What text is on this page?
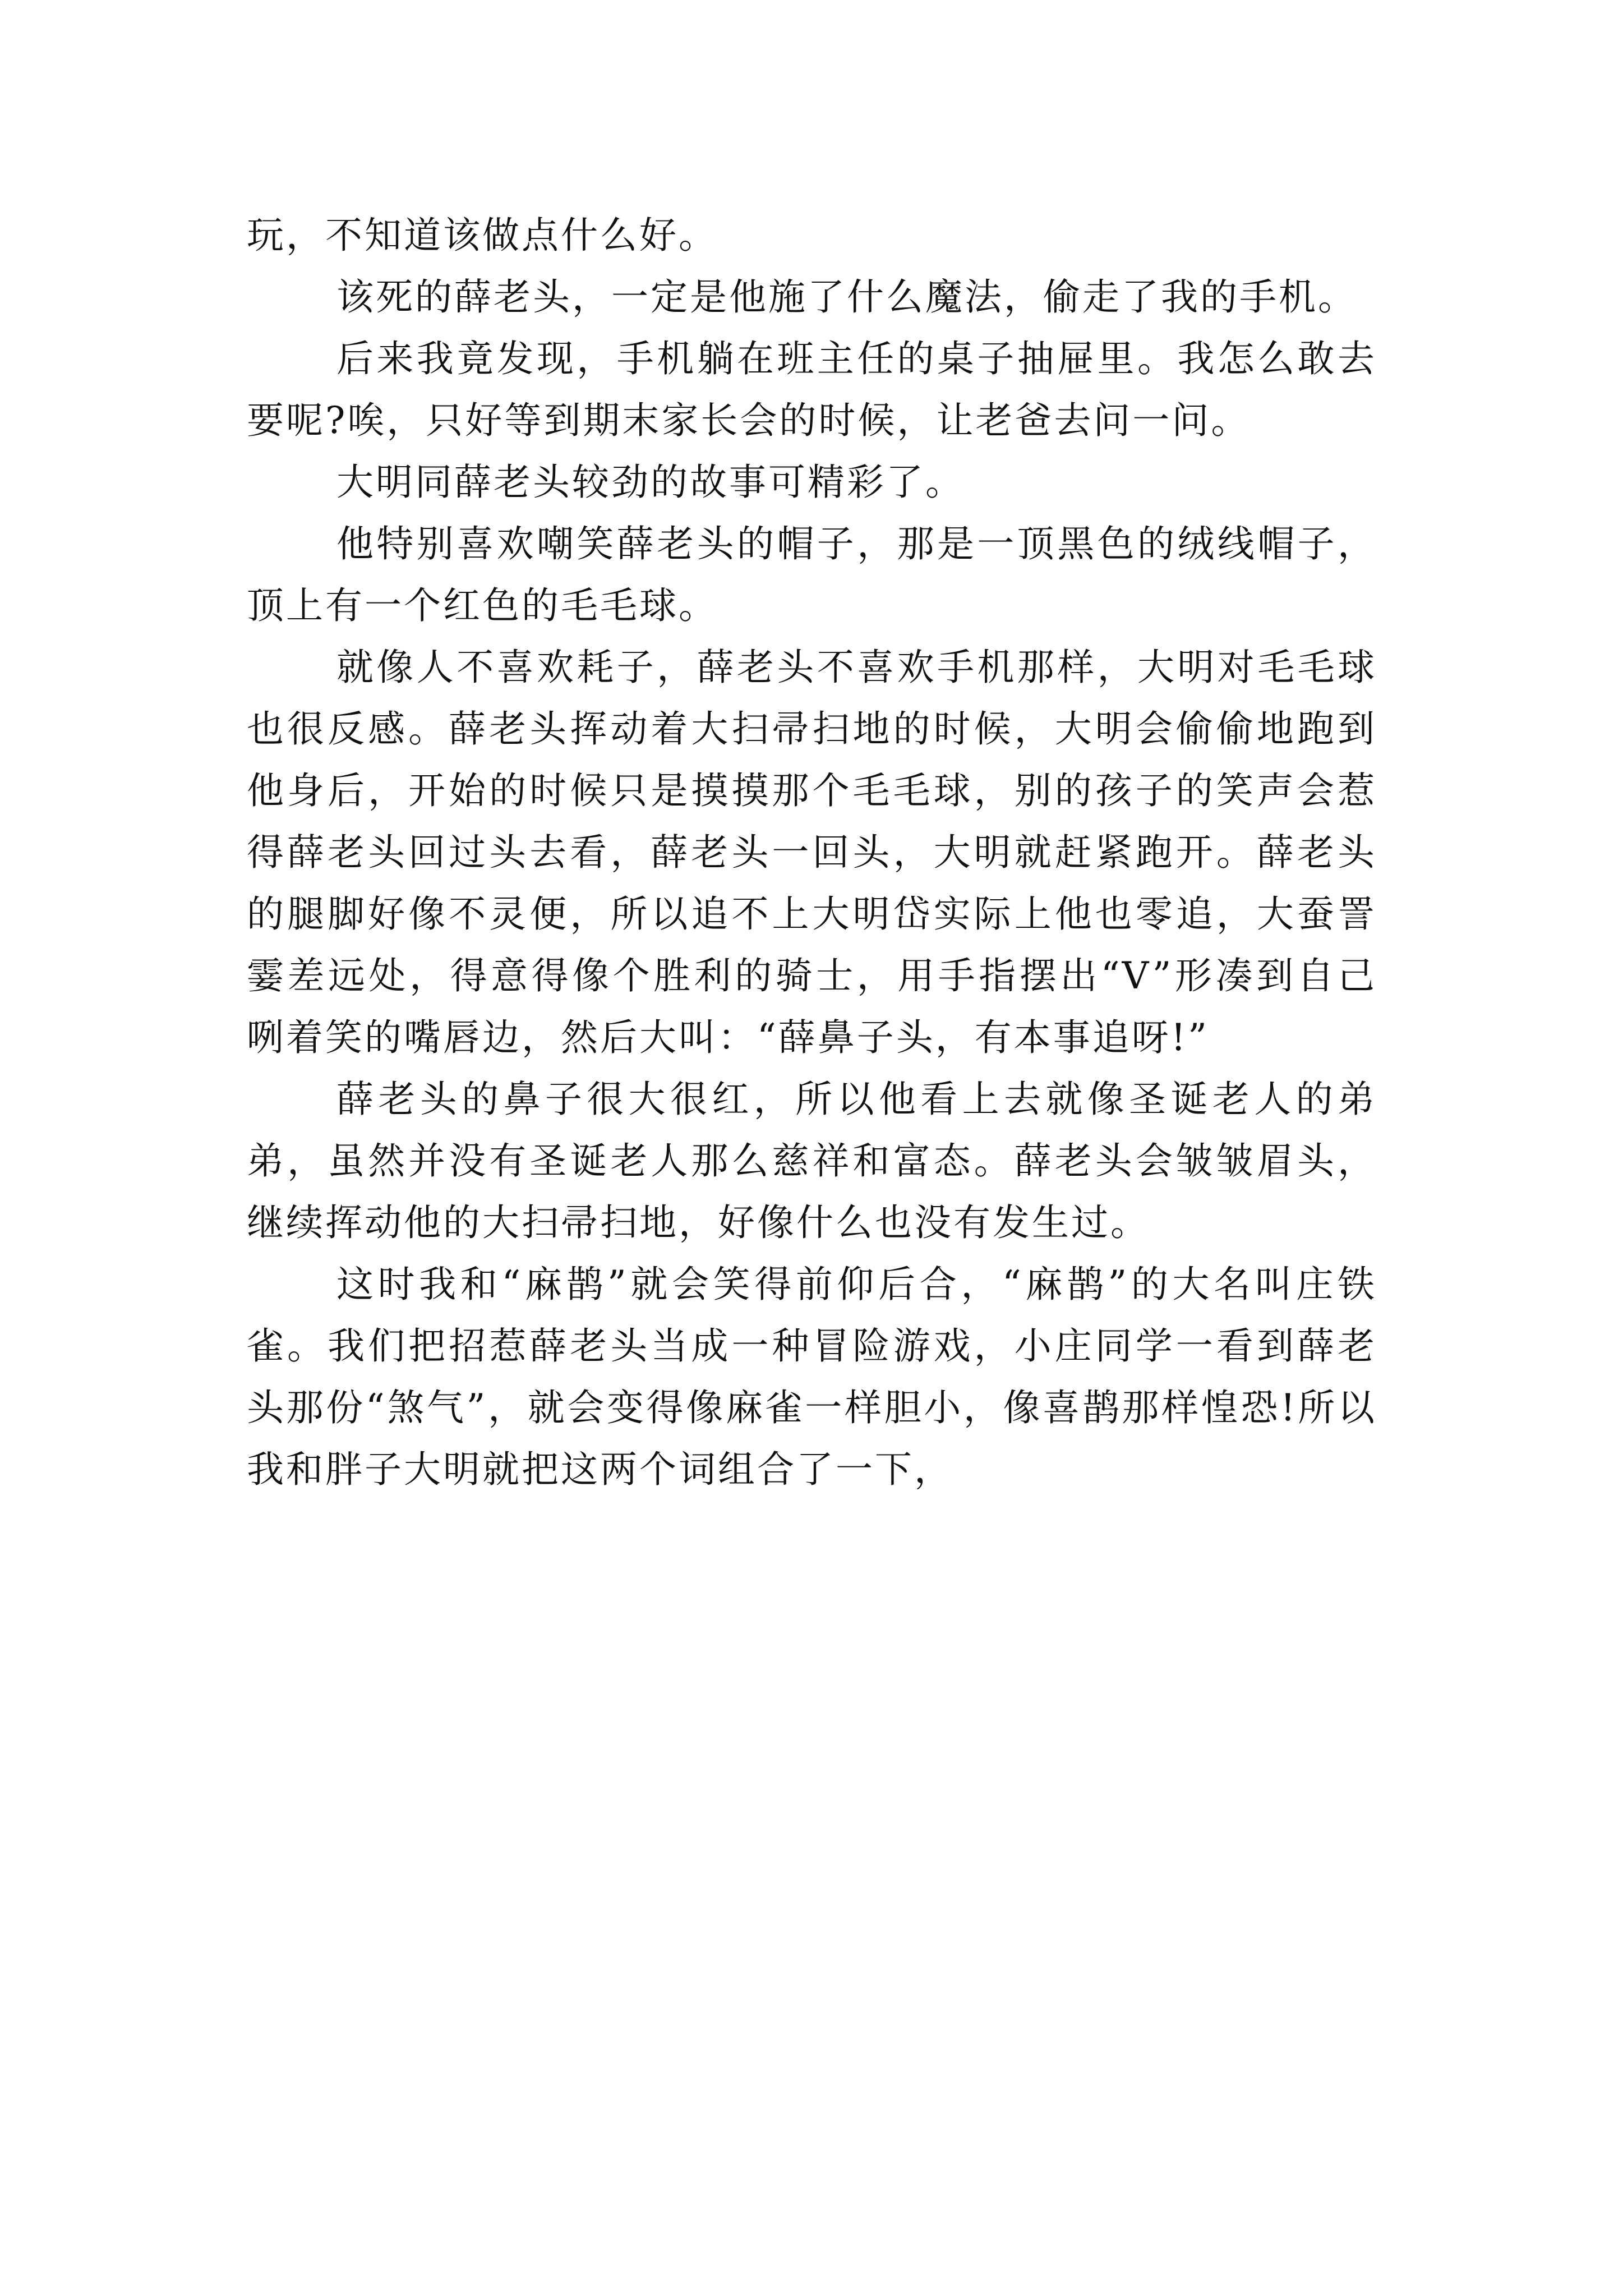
玩，不知道该做点什么好。

该死的薛老头，一定是他施了什么魔法，偷走了我的手机。

后来我竟发现，手机躺在班主任的桌子抽屉里。我怎么敢去要呢?唉，只好等到期末家长会的时候，让老爸去问一问。

大明同薛老头较劲的故事可精彩了。

他特别喜欢嘲笑薛老头的帽子，那是一顶黑色的绒线帽子，顶上有一个红色的毛毛球。

就像人不喜欢耗子，薛老头不喜欢手机那样，大明对毛毛球也很反感。薛老头挥动着大扫帚扫地的时候，大明会偷偷地跑到他身后，开始的时候只是摸摸那个毛毛球，别的孩子的笑声会惹得薛老头回过头去看，薛老头一回头，大明就赶紧跑开。薛老头的腿脚好像不灵便，所以追不上大明岱实际上他也零追，大蚕詈霎差远处，得意得像个胜利的骑士，用手指摆出“V”形凑到自己咧着笑的嘴唇边，然后大叫：“薛鼻子头，有本事追呀!”

薛老头的鼻子很大很红，所以他看上去就像圣诞老人的弟弟，虽然并没有圣诞老人那么慈祥和富态。薛老头会皱皱眉头，继续挥动他的大扫帚扫地，好像什么也没有发生过。

这时我和“麻鹊”就会笑得前仰后合，“麻鹊”的大名叫庄铁雀。我们把招惹薛老头当成一种冒险游戏，小庄同学一看到薛老头那份“煞气”，就会变得像麻雀一样胆小，像喜鹊那样惶恐!所以我和胖子大明就把这两个词组合了一下，
